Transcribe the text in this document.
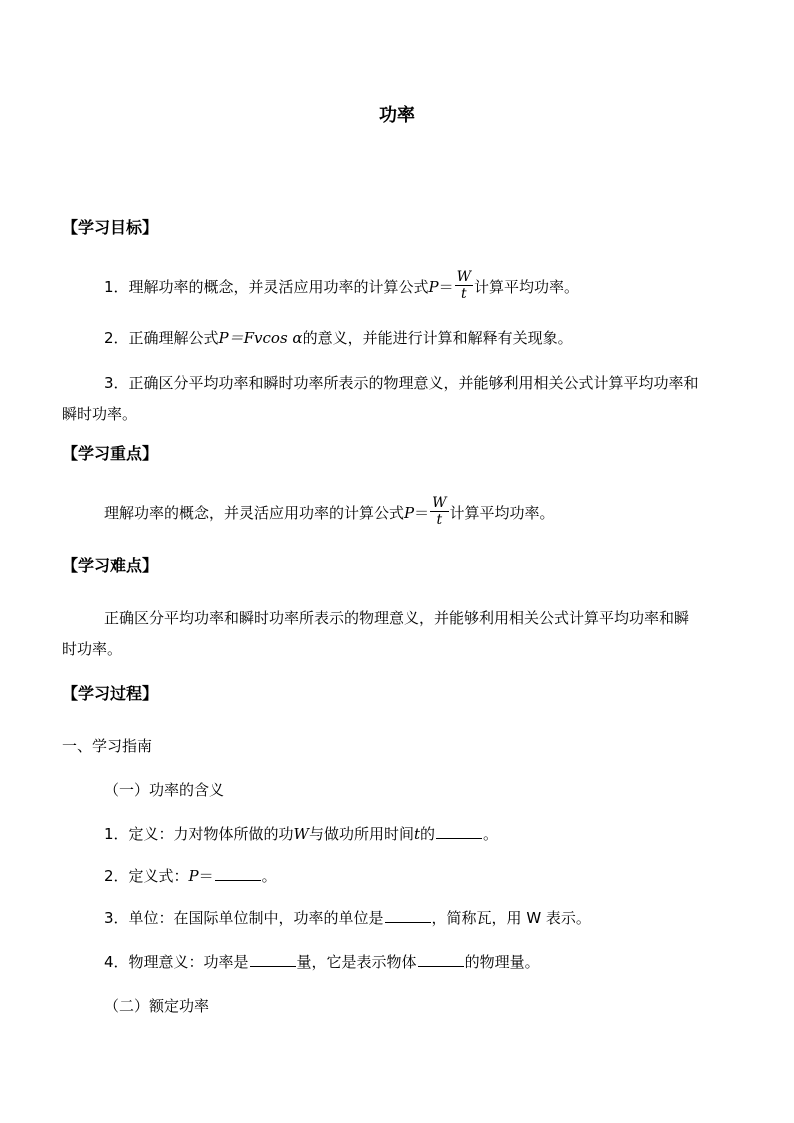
功率
【学习目标】
1．理解功率的概念，并灵活应用功率的计算公式$P= \frac{W}{t}$ 计算平均功率。
2．正确理解公式P＝Fvcos α的意义，并能进行计算和解释有关现象。
3．正确区分平均功率和瞬时功率所表示的物理意义，并能够利用相关公式计算平均功率和瞬时功率。
【学习重点】
理解功率的概念，并灵活应用功率的计算公式$P= \frac{W}{t}$ 计算平均功率。
【学习难点】
正确区分平均功率和瞬时功率所表示的物理意义，并能够利用相关公式计算平均功率和瞬时功率。
【学习过程】
一、学习指南
（一）功率的含义
1．定义：力对物体所做的功W与做功所用时间t的	。
2．定义式：P＝	。
3．单位：在国际单位制中，功率的单位是	，简称瓦，用 W 表示。
4．物理意义：功率是	量，它是表示物体	的物理量。
（二）额定功率
